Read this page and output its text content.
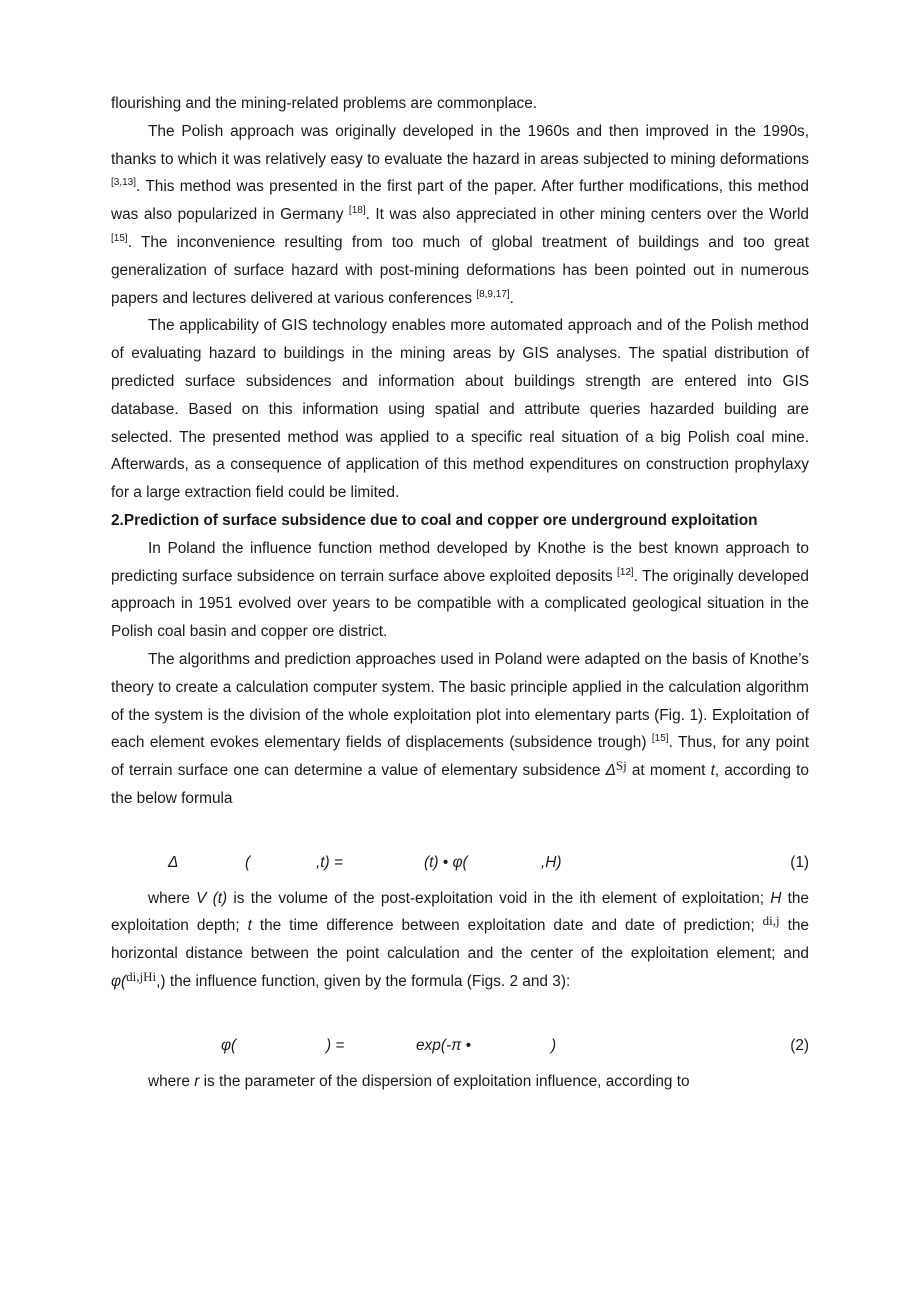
flourishing and the mining-related problems are commonplace.

The Polish approach was originally developed in the 1960s and then improved in the 1990s, thanks to which it was relatively easy to evaluate the hazard in areas subjected to mining deformations [3,13]. This method was presented in the first part of the paper. After further modifications, this method was also popularized in Germany [18]. It was also appreciated in other mining centers over the World [15]. The inconvenience resulting from too much of global treatment of buildings and too great generalization of surface hazard with post-mining deformations has been pointed out in numerous papers and lectures delivered at various conferences [8,9,17].

The applicability of GIS technology enables more automated approach and of the Polish method of evaluating hazard to buildings in the mining areas by GIS analyses. The spatial distribution of predicted surface subsidences and information about buildings strength are entered into GIS database. Based on this information using spatial and attribute queries hazarded building are selected. The presented method was applied to a specific real situation of a big Polish coal mine. Afterwards, as a consequence of application of this method expenditures on construction prophylaxy for a large extraction field could be limited.

2.Prediction of surface subsidence due to coal and copper ore underground exploitation

In Poland the influence function method developed by Knothe is the best known approach to predicting surface subsidence on terrain surface above exploited deposits [12]. The originally developed approach in 1951 evolved over years to be compatible with a complicated geological situation in the Polish coal basin and copper ore district.

The algorithms and prediction approaches used in Poland were adapted on the basis of Knothe’s theory to create a calculation computer system. The basic principle applied in the calculation algorithm of the system is the division of the whole exploitation plot into elementary parts (Fig. 1). Exploitation of each element evokes elementary fields of displacements (subsidence trough) [15]. Thus, for any point of terrain surface one can determine a value of elementary subsidence $\Delta^{Sj}$ at moment t, according to the below formula

Δ	(	,t) =	(t) • φ(	,H)	(1)

where V (t) is the volume of the post-exploitation void in the ith element of exploitation; H the exploitation depth; t the time difference between exploitation date and date of prediction; $^{di,j}$ the horizontal distance between the point calculation and the center of the exploitation element; and φ($^{di,jHi}$,) the influence function, given by the formula (Figs. 2 and 3):

φ(	) =	exp(-π •	)	(2)

where r is the parameter of the dispersion of exploitation influence, according to
